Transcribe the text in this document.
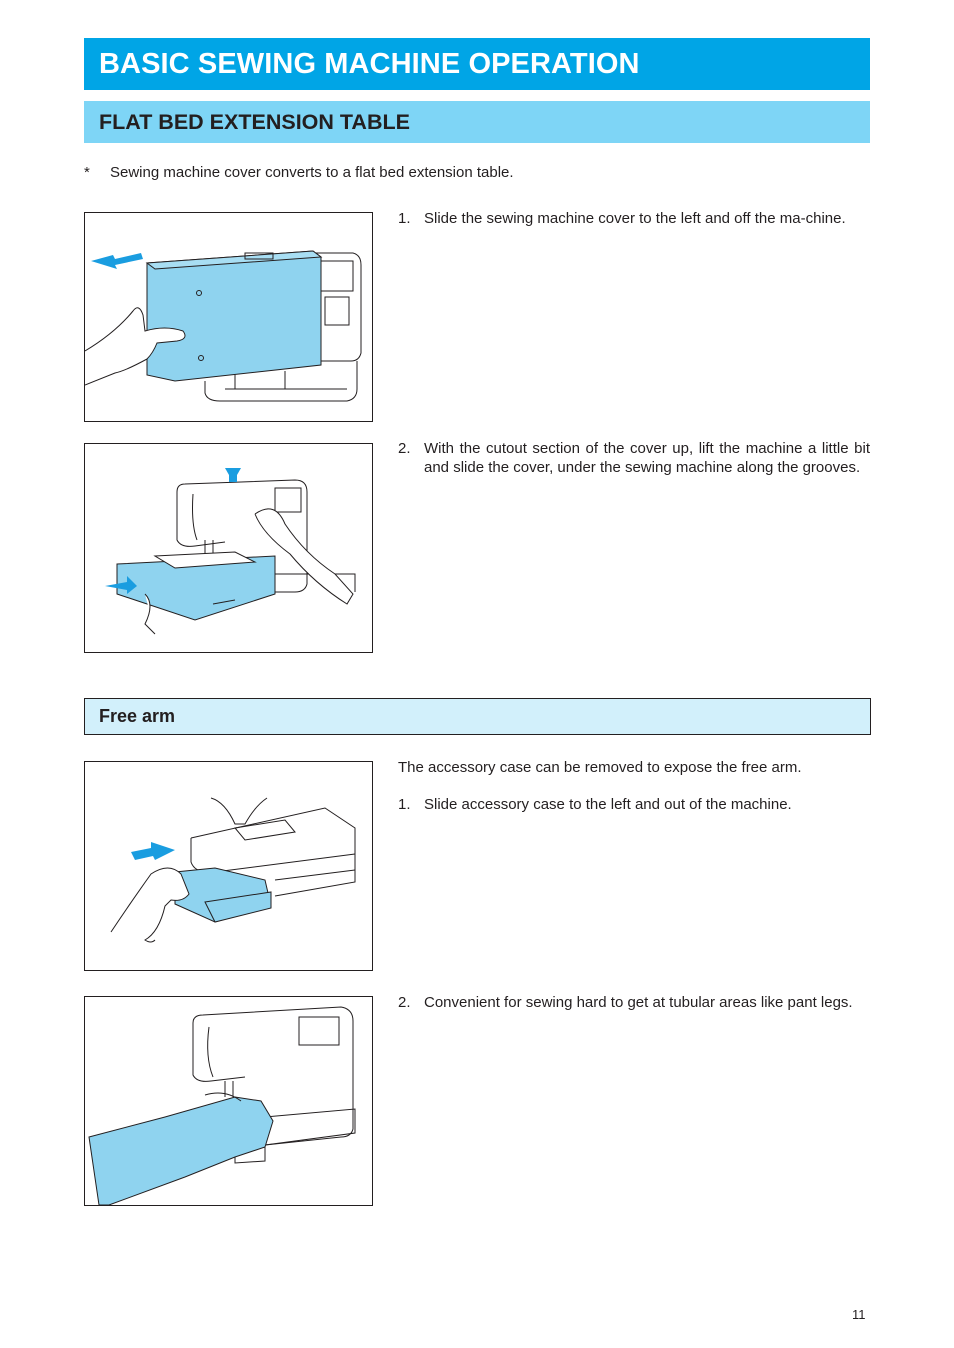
BASIC SEWING MACHINE OPERATION
FLAT BED EXTENSION TABLE
* Sewing machine cover converts to a flat bed extension table.
1. Slide the sewing machine cover to the left and off the ma-chine.
2. With the cutout section of the cover up, lift the machine a little bit and slide the cover, under the sewing machine along the grooves.
Free arm
The accessory case can be removed to expose the free arm.
1. Slide accessory case to the left and out of the machine.
2. Convenient for sewing hard to get at tubular areas like pant legs.
11
